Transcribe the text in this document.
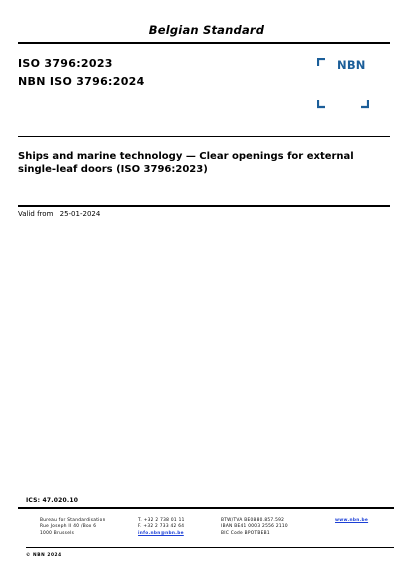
Belgian Standard
ISO 3796:2023
NBN ISO 3796:2024
NBN
Ships and marine technology — Clear openings for external single-leaf doors (ISO 3796:2023)
Valid from 25-01-2024
ICS: 47.020.10
Bureau for Standardisation
Rue Joseph II 40 /Box 6
1000 Brussels
T. +32 2 738 01 11
F. +32 2 733 42 64
info.nbn@nbn.be
BTW/TVA BE0880.857.592
IBAN BE41 0003 2556 2110
BIC Code BPOTBEB1
www.nbn.be
© NBN 2024
